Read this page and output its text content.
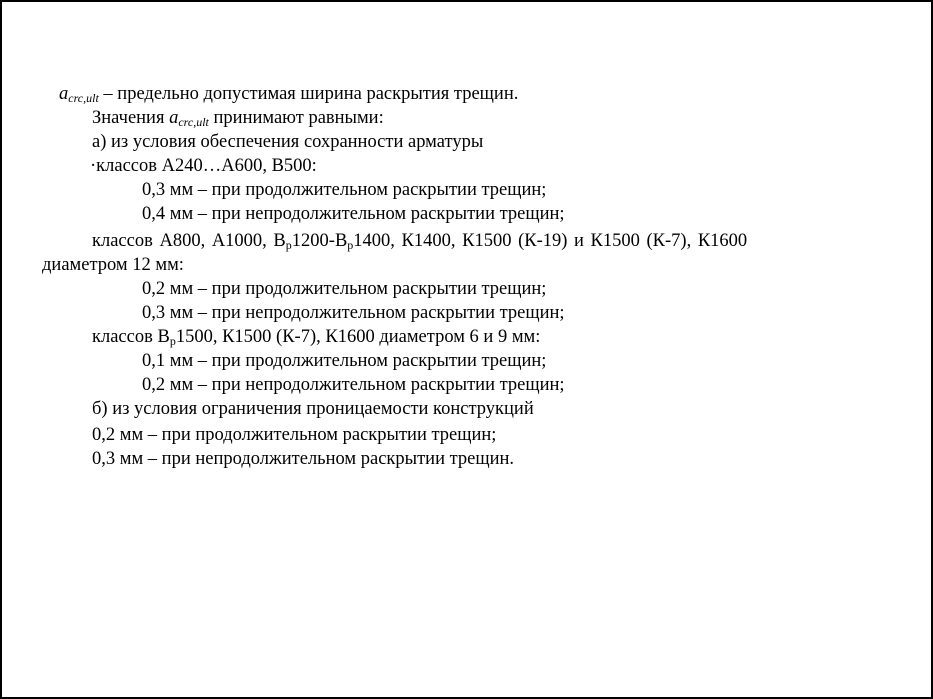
$a_{crc,ult}$ – предельно допустимая ширина раскрытия трещин.
Значения $a_{crc,ult}$ принимают равными:
а) из условия обеспечения сохранности арматуры
·классов А240…А600, В500:
0,3 мм – при продолжительном раскрытии трещин;
0,4 мм – при непродолжительном раскрытии трещин;
классов А800, А1000, $В_р1200-В_р1400$, К1400, К1500 (К-19) и К1500 (К-7), К1600
диаметром 12 мм:
0,2 мм – при продолжительном раскрытии трещин;
0,3 мм – при непродолжительном раскрытии трещин;
классов $В_р1500$, К1500 (К-7), К1600 диаметром 6 и 9 мм:
0,1 мм – при продолжительном раскрытии трещин;
0,2 мм – при непродолжительном раскрытии трещин;
б) из условия ограничения проницаемости конструкций
0,2 мм – при продолжительном раскрытии трещин;
0,3 мм – при непродолжительном раскрытии трещин.
